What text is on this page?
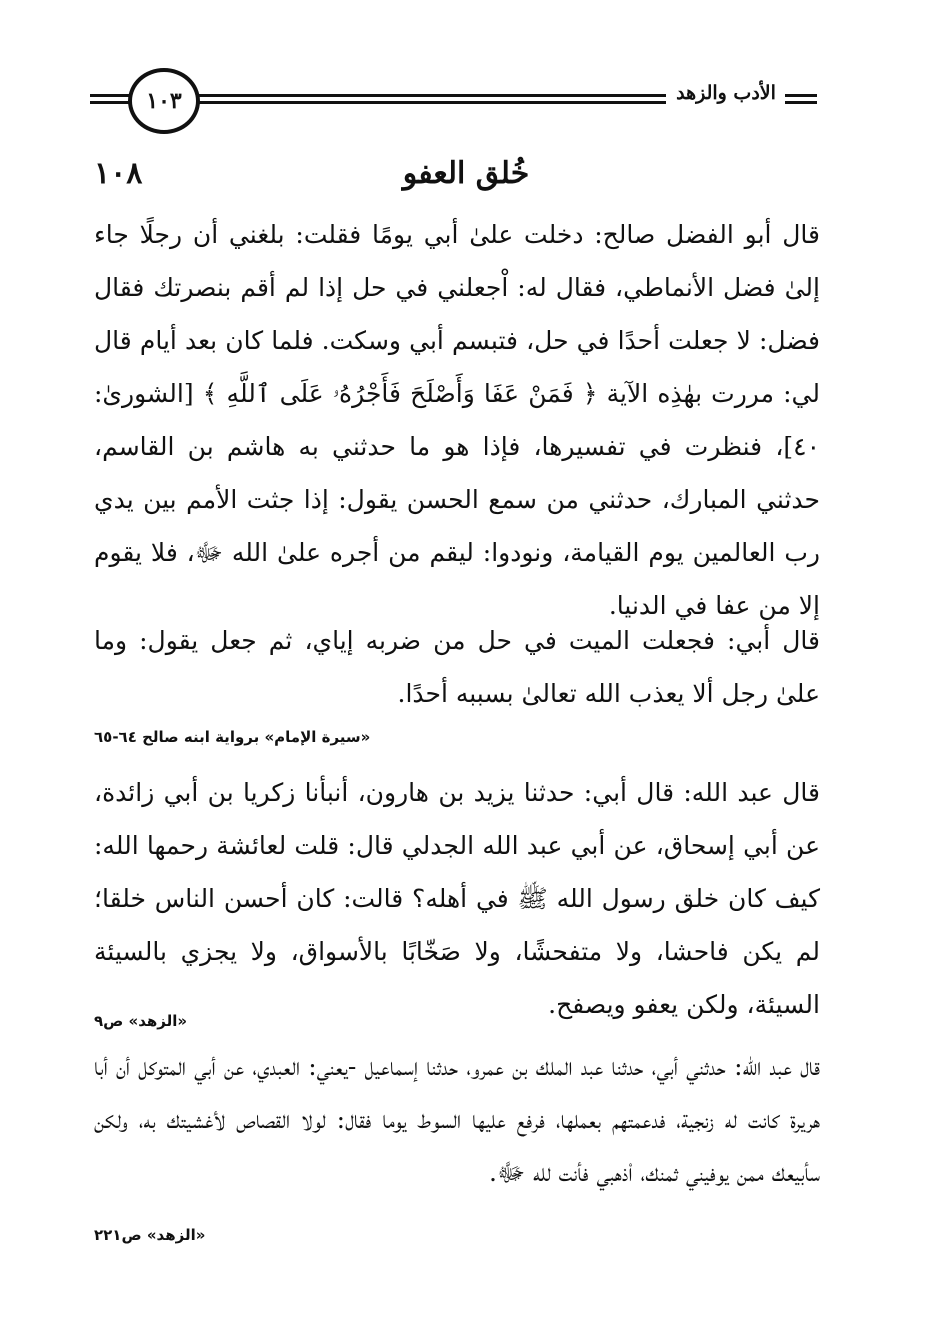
١٠٣	الأدب والزهد
١٠٨	خُلق العفو
قال أبو الفضل صالح: دخلت علىٰ أبي يومًا فقلت: بلغني أن رجلًا جاء إلىٰ فضل الأنماطي، فقال له: اْجعلني في حل إذا لم أقم بنصرتك فقال فضل: لا جعلت أحدًا في حل، فتبسم أبي وسكت. فلما كان بعد أيام قال لي: مررت بهٰذِه الآية ﴿ فَمَنْ عَفَا وَأَصْلَحَ فَأَجْرُهُۥ عَلَى ٱللَّهِ ﴾ [الشورىٰ: ٤٠]، فنظرت في تفسيرها، فإذا هو ما حدثني به هاشم بن القاسم، حدثني المبارك، حدثني من سمع الحسن يقول: إذا جثت الأمم بين يدي رب العالمين يوم القيامة، ونودوا: ليقم من أجره علىٰ الله ﷻ، فلا يقوم إلا من عفا في الدنيا.
قال أبي: فجعلت الميت في حل من ضربه إياي، ثم جعل يقول: وما علىٰ رجل ألا يعذب الله تعالىٰ بسببه أحدًا.
«سيرة الإمام» برواية ابنه صالح ٦٤-٦٥
قال عبد الله: قال أبي: حدثنا يزيد بن هارون، أنبأنا زكريا بن أبي زائدة، عن أبي إسحاق، عن أبي عبد الله الجدلي قال: قلت لعائشة رحمها الله: كيف كان خلق رسول الله ﷺ في أهله؟ قالت: كان أحسن الناس خلقا؛ لم يكن فاحشا، ولا متفحشًا، ولا صَخّابًا بالأسواق، ولا يجزي بالسيئة السيئة، ولكن يعفو ويصفح.
«الزهد» ص٩
قال عبد الله: حدثني أبي، حدثنا عبد الملك بن عمرو، حدثنا إسماعيل -يعني: العبدي، عن أبي المتوكل أن أبا هريرة كانت له زنجية، فدعمتهم بعملها، فرفع عليها السوط يوما فقال: لولا القصاص لأغشيتك به، ولكن سأبيعك ممن يوفيني ثمنك، اْذهبي فأنت لله ﷻ.
«الزهد» ص٢٢١
